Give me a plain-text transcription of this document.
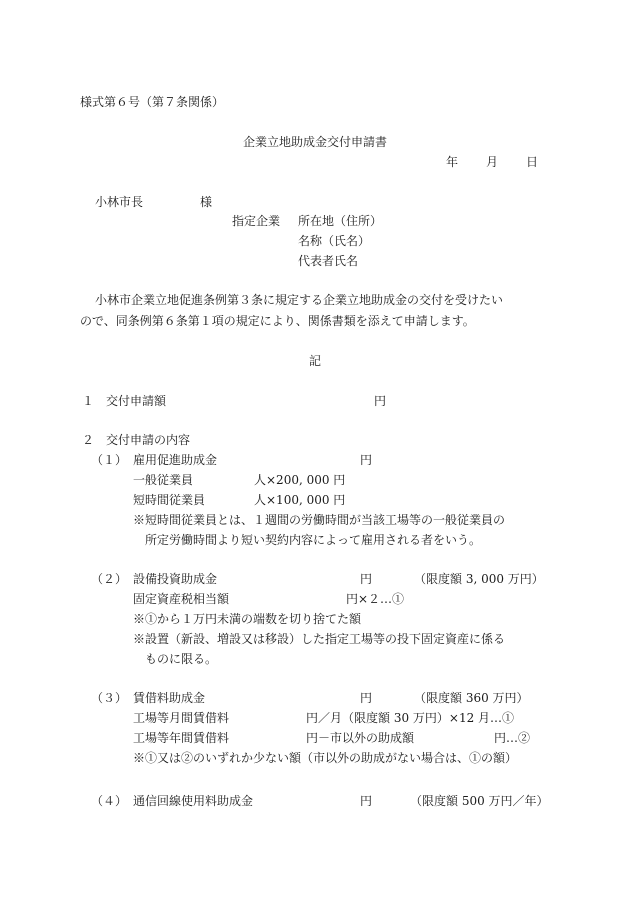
様式第６号（第７条関係）
企業立地助成金交付申請書
年 月 日
小林市長	様
指定企業 所在地（住所）
名称（氏名）
代表者氏名
小林市企業立地促進条例第３条に規定する企業立地助成金の交付を受けたい
ので、同条例第６条第１項の規定により、関係書類を添えて申請します。
記
１ 交付申請額	円
２ 交付申請の内容
（１） 雇用促進助成金	円
一般従業員	人×200, 000 円
短時間従業員	人×100, 000 円
※短時間従業員とは、１週間の労働時間が当該工場等の一般従業員の
所定労働時間より短い契約内容によって雇用される者をいう。
（２） 設備投資助成金	円	（限度額 3, 000 万円）
固定資産税相当額	円×２…①
※①から１万円未満の端数を切り捨てた額
※設置（新設、増設又は移設）した指定工場等の投下固定資産に係る
ものに限る。
（３） 賃借料助成金	円	（限度額 360 万円）
工場等月間賃借料	円／月（限度額 30 万円）×12 月…①
工場等年間賃借料	円－市以外の助成額	円…②
※①又は②のいずれか少ない額（市以外の助成がない場合は、①の額）
（４） 通信回線使用料助成金	円	（限度額 500 万円／年）
